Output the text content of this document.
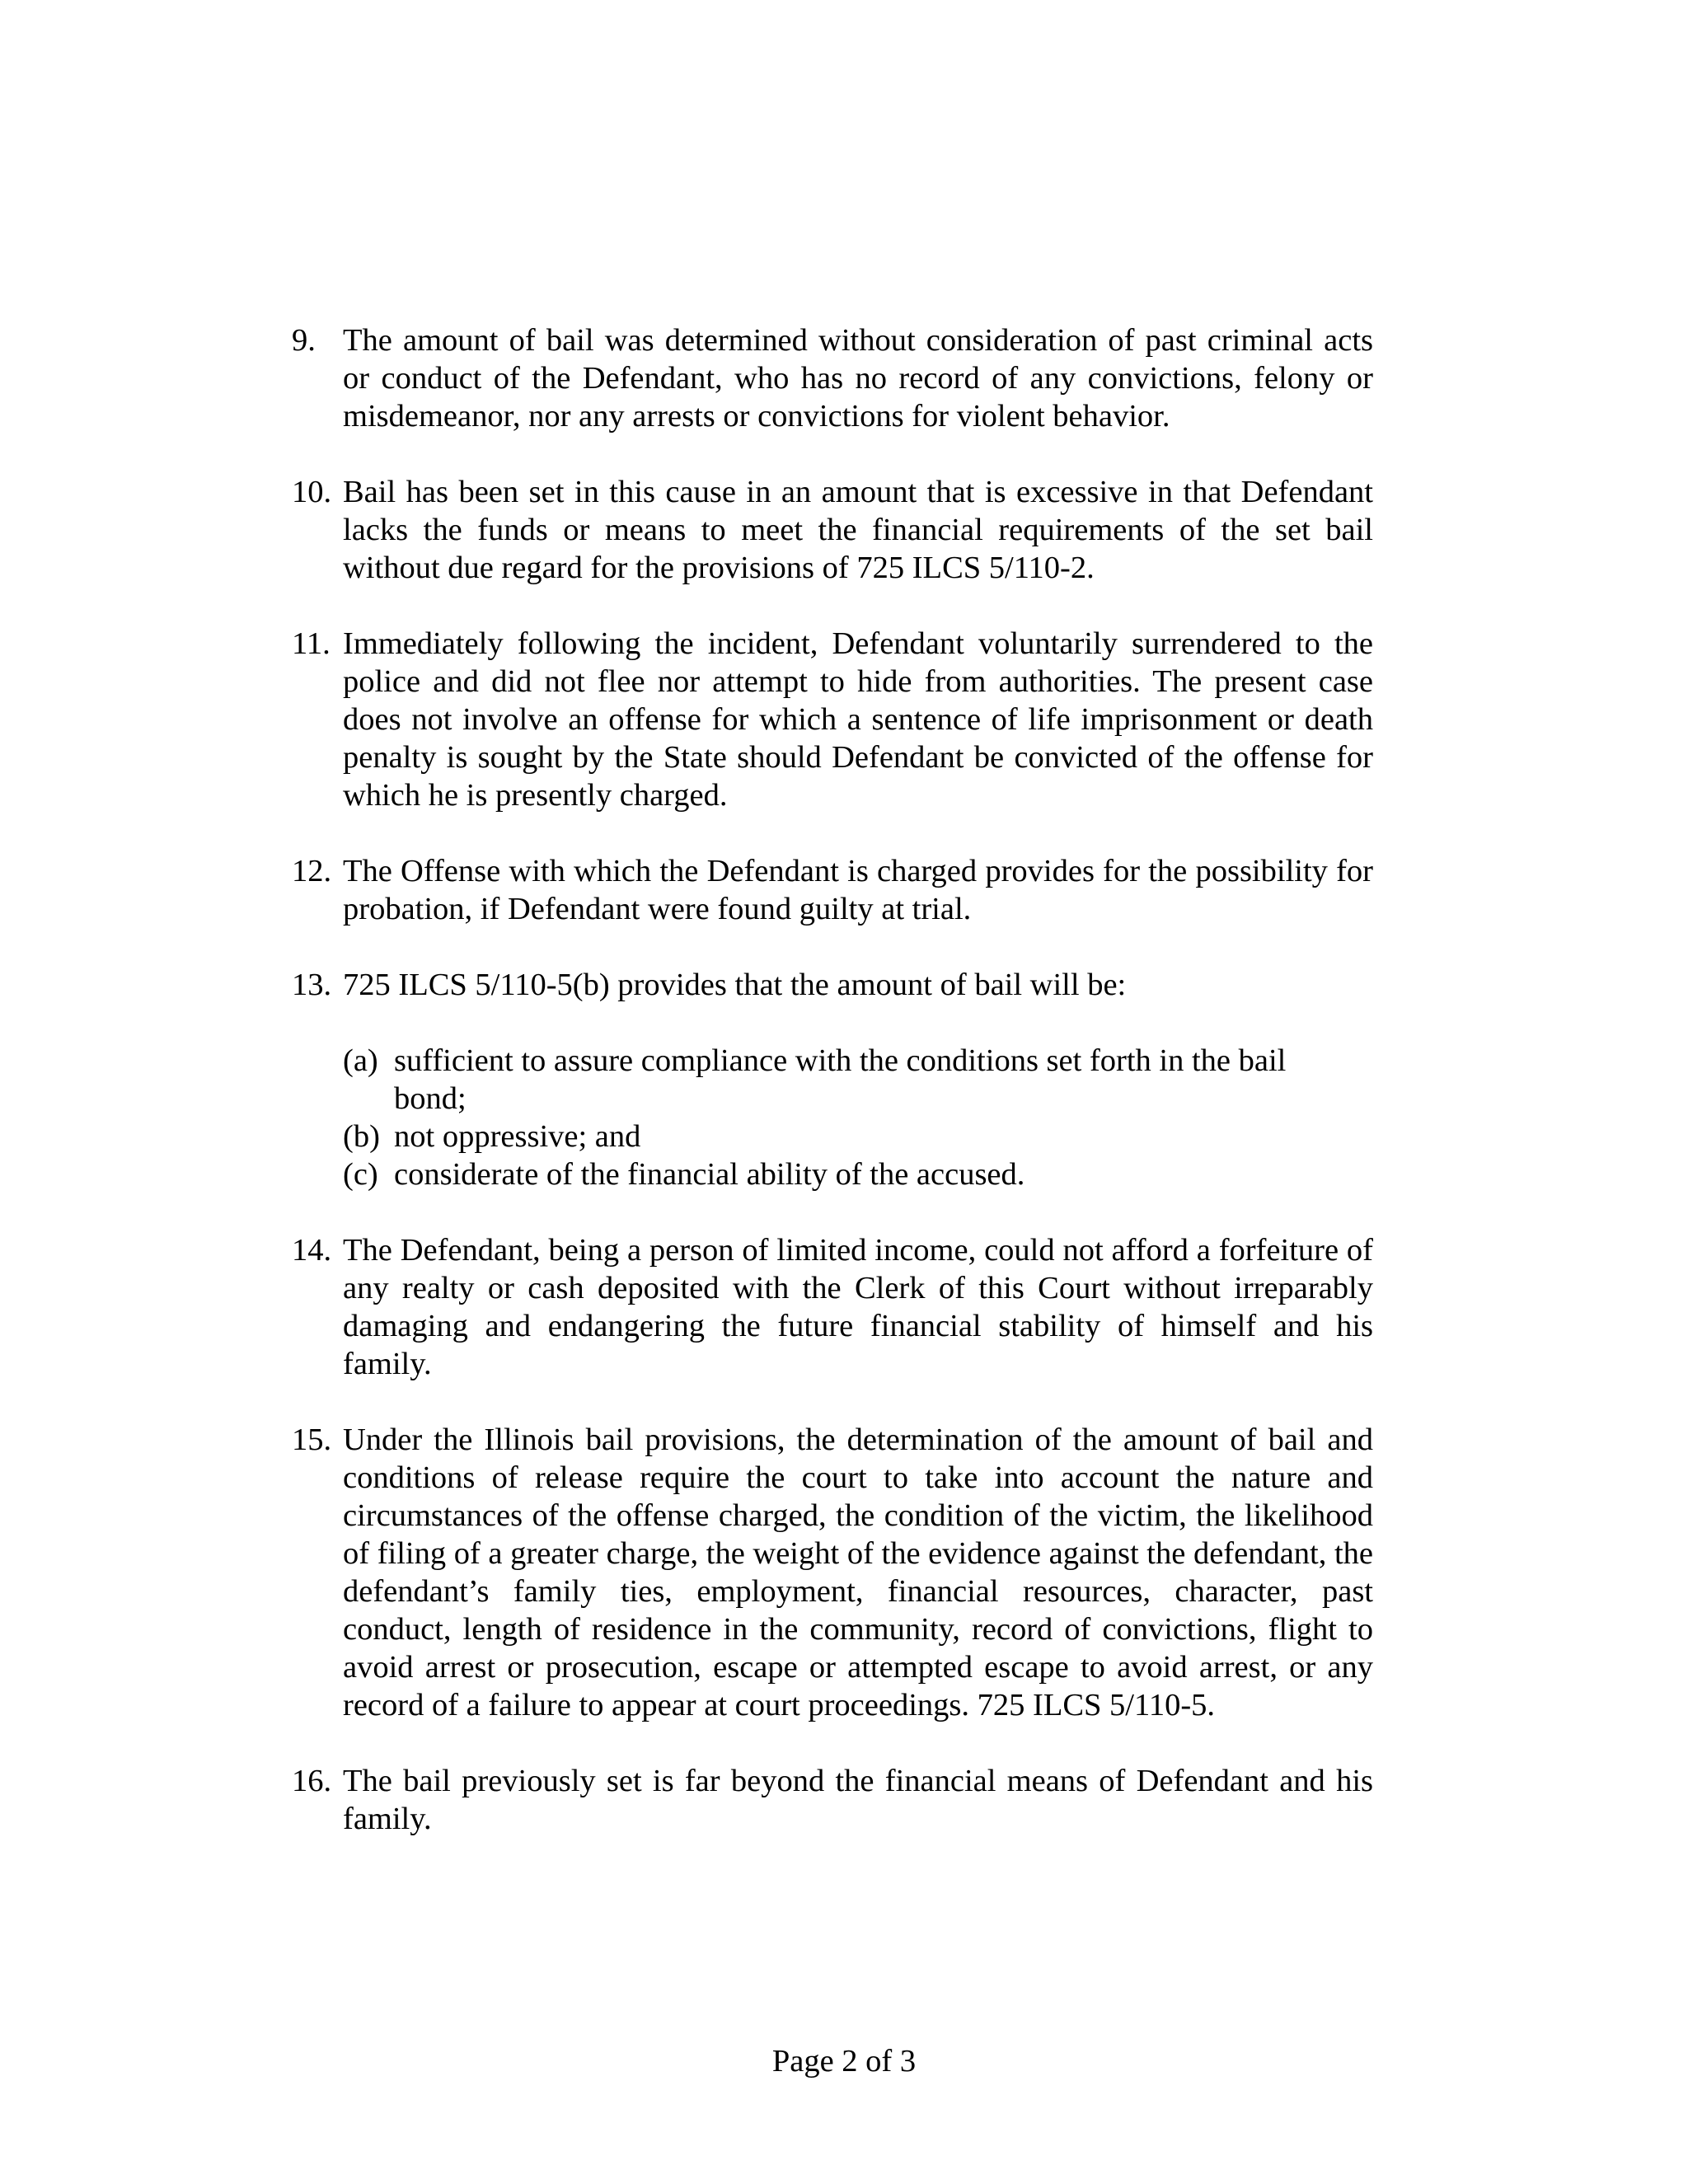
9. The amount of bail was determined without consideration of past criminal acts or conduct of the Defendant, who has no record of any convictions, felony or misdemeanor, nor any arrests or convictions for violent behavior.
10. Bail has been set in this cause in an amount that is excessive in that Defendant lacks the funds or means to meet the financial requirements of the set bail without due regard for the provisions of 725 ILCS 5/110-2.
11. Immediately following the incident, Defendant voluntarily surrendered to the police and did not flee nor attempt to hide from authorities. The present case does not involve an offense for which a sentence of life imprisonment or death penalty is sought by the State should Defendant be convicted of the offense for which he is presently charged.
12. The Offense with which the Defendant is charged provides for the possibility for probation, if Defendant were found guilty at trial.
13. 725 ILCS 5/110-5(b) provides that the amount of bail will be:
(a) sufficient to assure compliance with the conditions set forth in the bail bond;
(b) not oppressive; and
(c) considerate of the financial ability of the accused.
14. The Defendant, being a person of limited income, could not afford a forfeiture of any realty or cash deposited with the Clerk of this Court without irreparably damaging and endangering the future financial stability of himself and his family.
15. Under the Illinois bail provisions, the determination of the amount of bail and conditions of release require the court to take into account the nature and circumstances of the offense charged, the condition of the victim, the likelihood of filing of a greater charge, the weight of the evidence against the defendant, the defendant’s family ties, employment, financial resources, character, past conduct, length of residence in the community, record of convictions, flight to avoid arrest or prosecution, escape or attempted escape to avoid arrest, or any record of a failure to appear at court proceedings. 725 ILCS 5/110-5.
16. The bail previously set is far beyond the financial means of Defendant and his family.
Page 2 of 3
